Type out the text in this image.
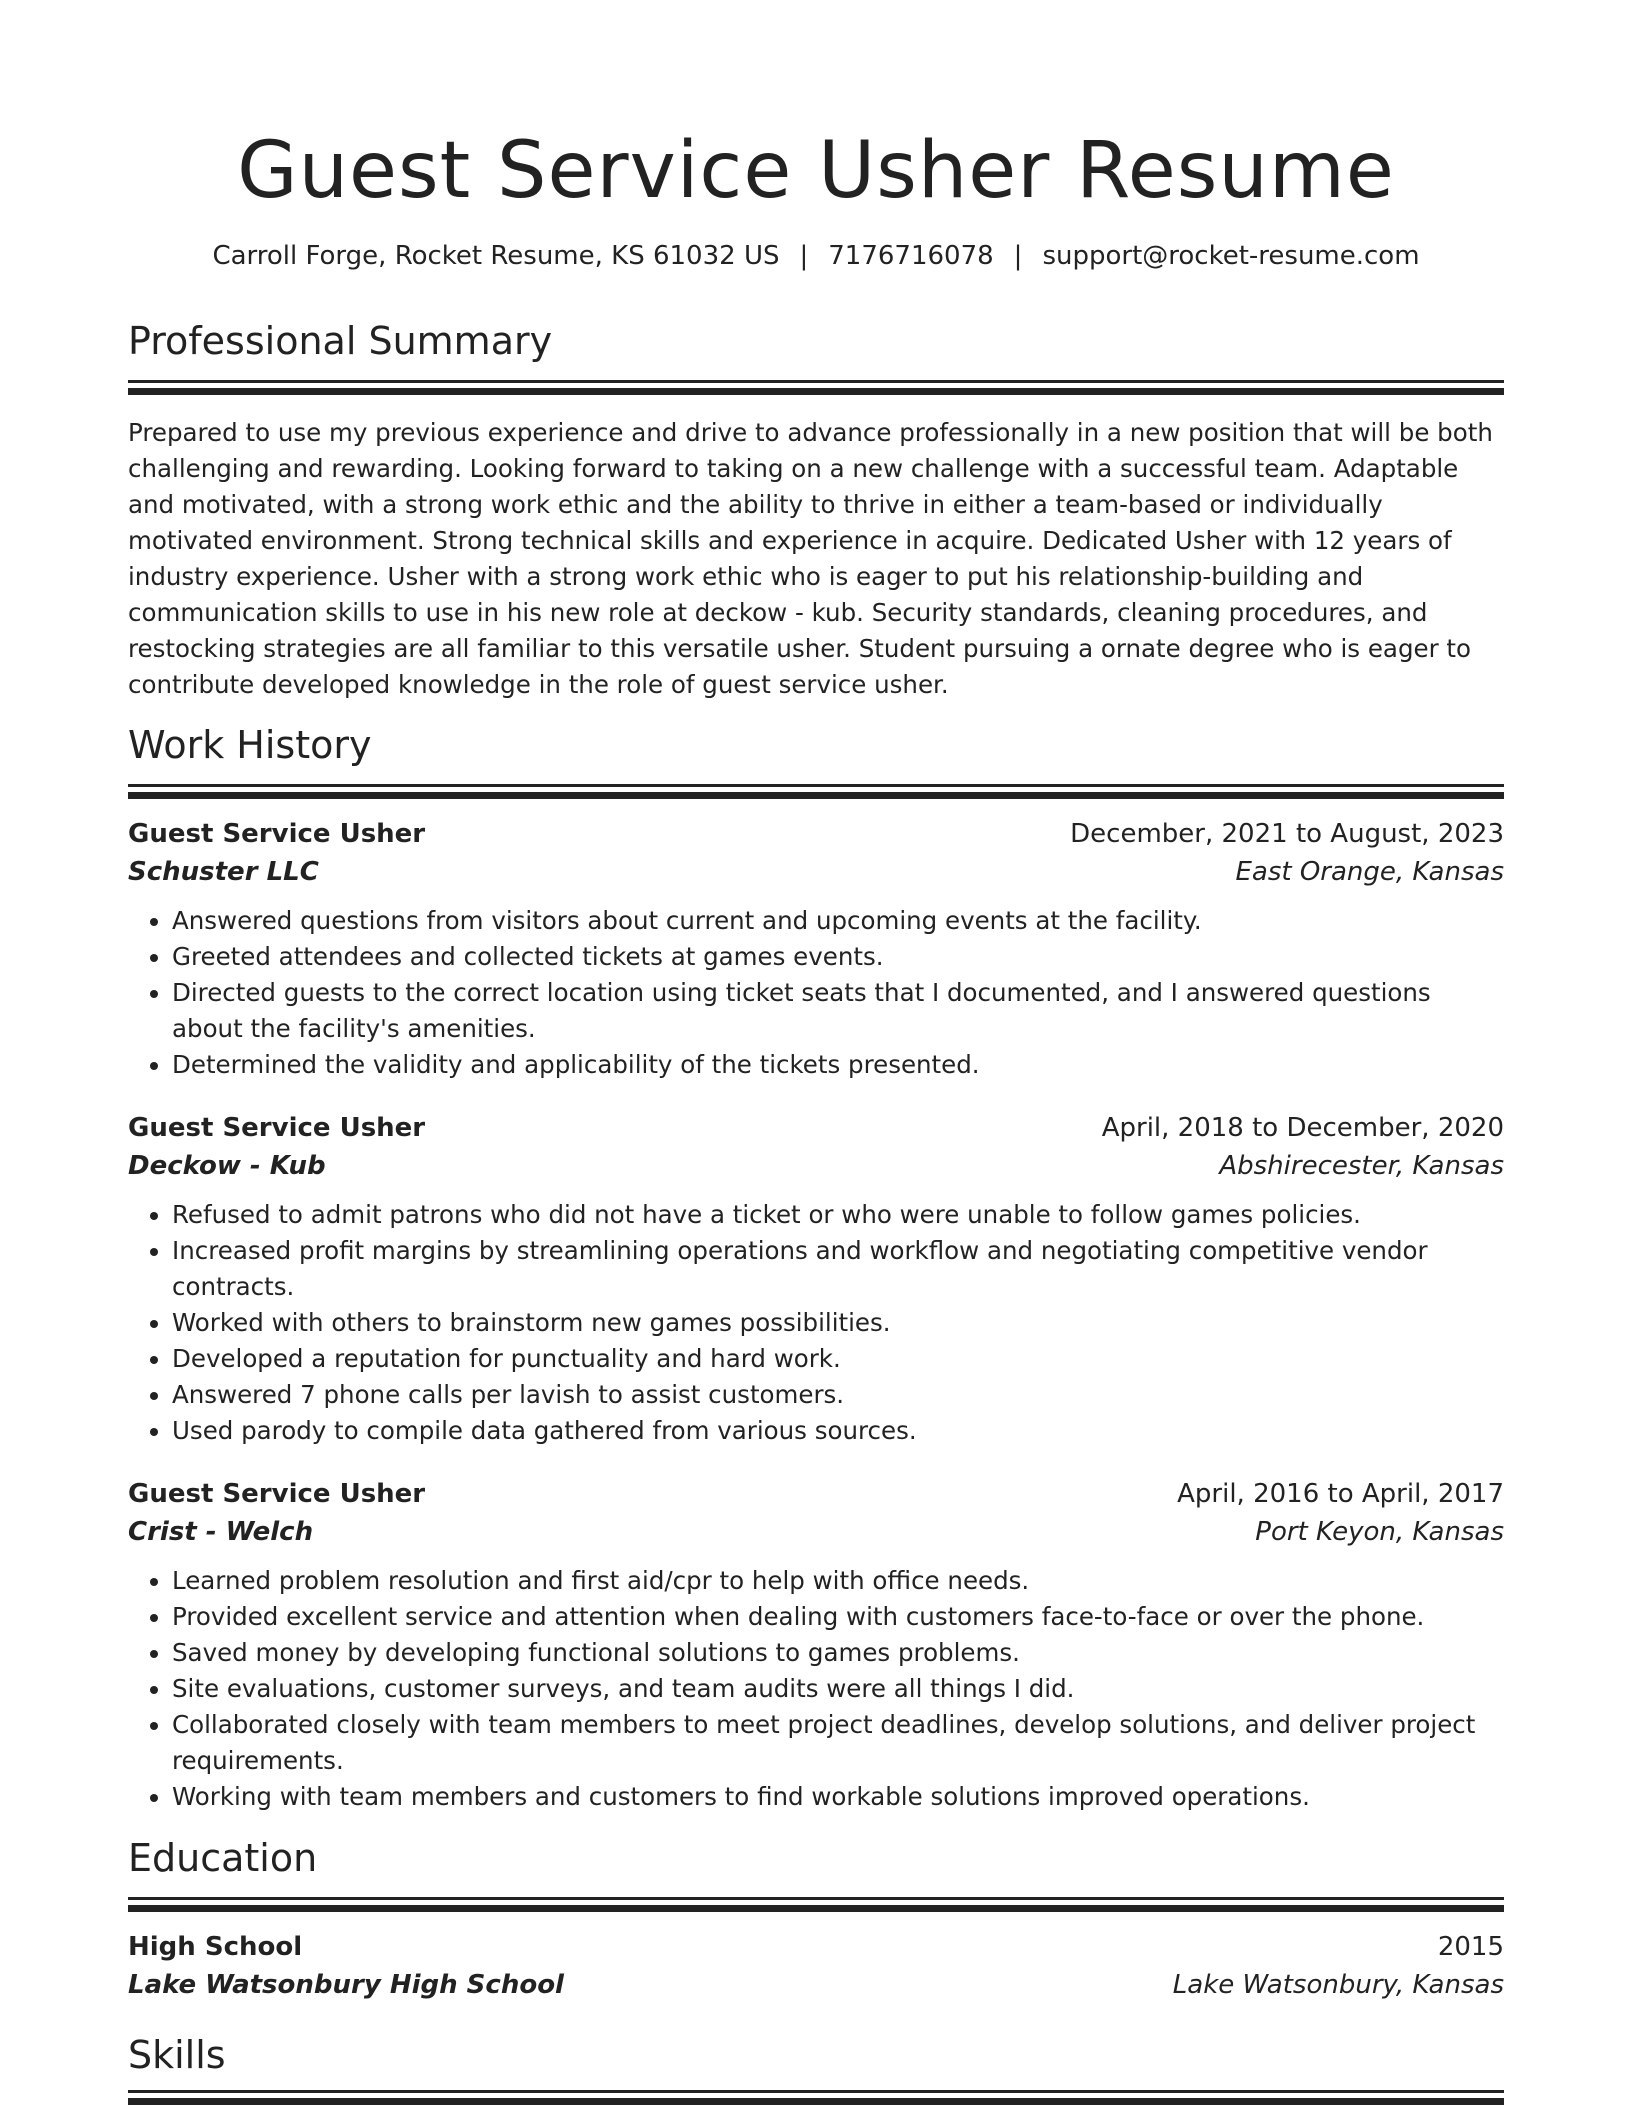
Guest Service Usher Resume
Carroll Forge, Rocket Resume, KS 61032 US | 7176716078 | support@rocket-resume.com
Professional Summary

Prepared to use my previous experience and drive to advance professionally in a new position that will be both challenging and rewarding. Looking forward to taking on a new challenge with a successful team. Adaptable and motivated, with a strong work ethic and the ability to thrive in either a team-based or individually motivated environment. Strong technical skills and experience in acquire. Dedicated Usher with 12 years of industry experience. Usher with a strong work ethic who is eager to put his relationship-building and communication skills to use in his new role at deckow - kub. Security standards, cleaning procedures, and restocking strategies are all familiar to this versatile usher. Student pursuing a ornate degree who is eager to contribute developed knowledge in the role of guest service usher.

Work History
Guest Service Usher	December, 2021 to August, 2023
Schuster LLC	East Orange, Kansas
• Answered questions from visitors about current and upcoming events at the facility.
• Greeted attendees and collected tickets at games events.
• Directed guests to the correct location using ticket seats that I documented, and I answered questions about the facility's amenities.
• Determined the validity and applicability of the tickets presented.
Guest Service Usher	April, 2018 to December, 2020
Deckow - Kub	Abshirecester, Kansas
• Refused to admit patrons who did not have a ticket or who were unable to follow games policies.
• Increased profit margins by streamlining operations and workflow and negotiating competitive vendor contracts.
• Worked with others to brainstorm new games possibilities.
• Developed a reputation for punctuality and hard work.
• Answered 7 phone calls per lavish to assist customers.
• Used parody to compile data gathered from various sources.
Guest Service Usher	April, 2016 to April, 2017
Crist - Welch	Port Keyon, Kansas
• Learned problem resolution and first aid/cpr to help with office needs.
• Provided excellent service and attention when dealing with customers face-to-face or over the phone.
• Saved money by developing functional solutions to games problems.
• Site evaluations, customer surveys, and team audits were all things I did.
• Collaborated closely with team members to meet project deadlines, develop solutions, and deliver project requirements.
• Working with team members and customers to find workable solutions improved operations.
Education
High School	2015
Lake Watsonbury High School	Lake Watsonbury, Kansas
Skills
